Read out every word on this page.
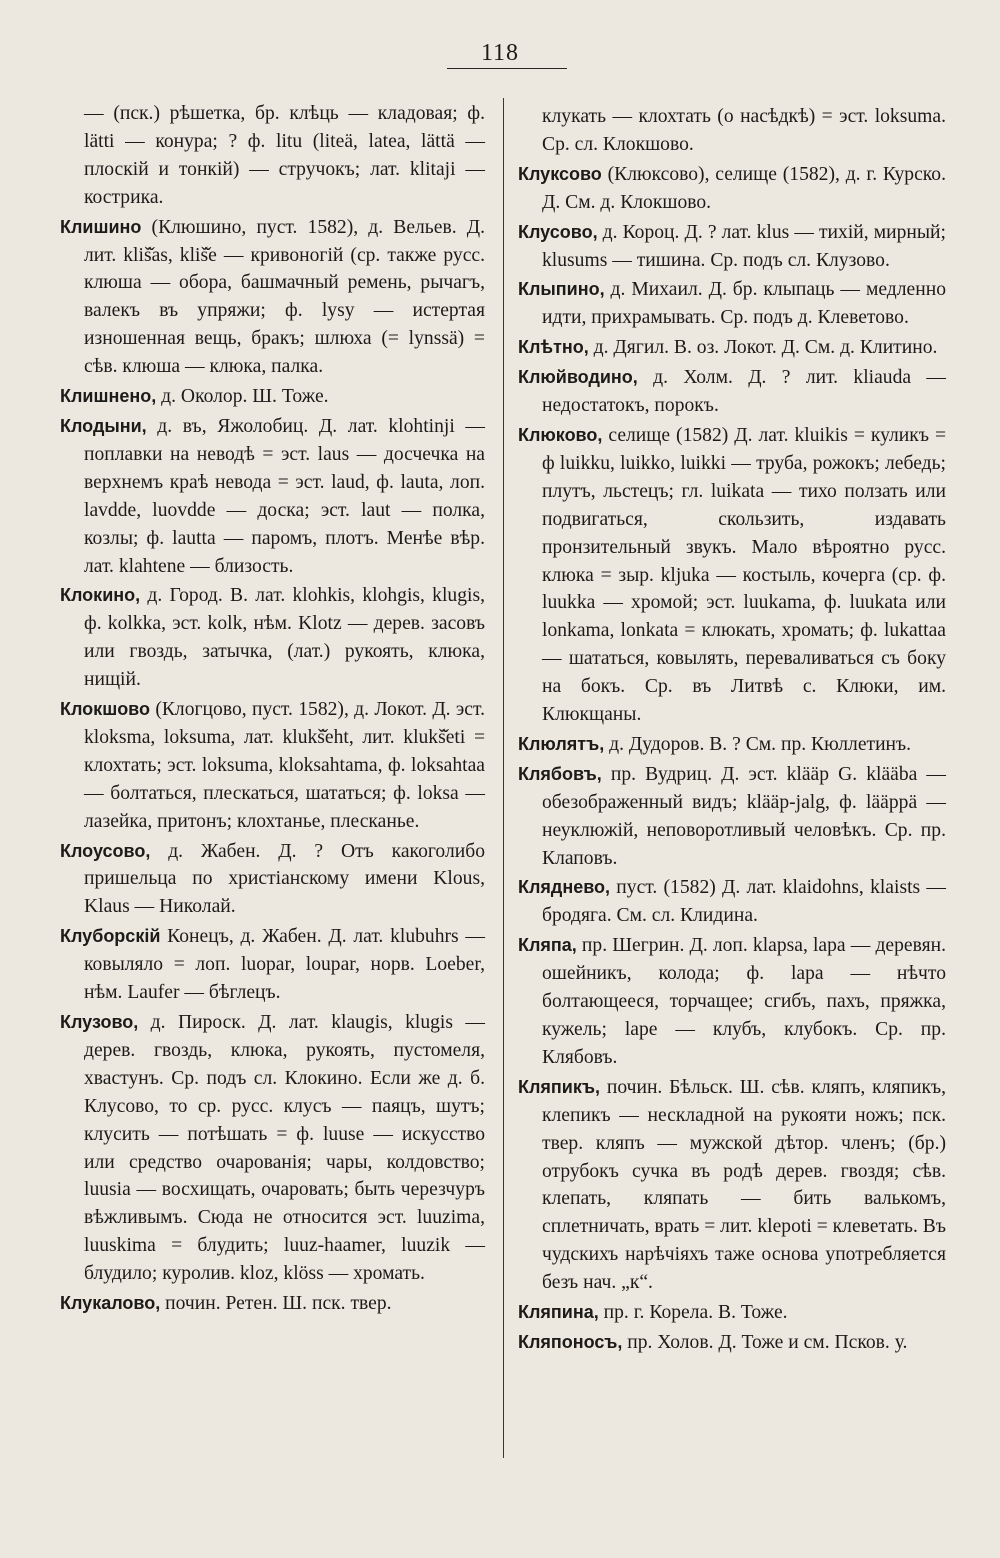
118

— (пск.) рѣшетка, бр. клѣць — кладовая; ф. lätti — конура; ? ф. litu (liteä, latea, lättä — плоскій и тонкій) — стручокъ; лат. klitaji — кострика.

Клишино (Клюшино, пуст. 1582), д. Вельев. Д. лит. kliš̌as, kliš̌e — кривоногій (ср. также русс. клюша — обора, башмачный ремень, рычагъ, валекъ въ упряжи; ф. lysy — истертая изношенная вещь, бракъ; шлюха (= lynssä) = сѣв. клюша — клюка, палка.

Клишнено, д. Околор. Ш. Тоже.

Клодыни, д. въ, Яжолобиц. Д. лат. klohtinji — поплавки на неводѣ = эст. laus — досчечка на верхнемъ краѣ невода = эст. laud, ф. lauta, лоп. lavdde, luovdde — доска; эст. laut — полка, козлы; ф. lautta — паромъ, плотъ. Менѣе вѣр. лат. klahtene — близость.

Клокино, д. Город. В. лат. klohkis, klohgis, klugis, ф. kolkka, эст. kolk, нѣм. Klotz — дерев. засовъ или гвоздь, затычка, (лат.) рукоять, клюка, нищій.

Клокшово (Клогцово, пуст. 1582), д. Локот. Д. эст. kloksma, loksuma, лат. klukš̌eht, лит. klukš̌eti = клохтать; эст. loksuma, kloksahtama, ф. loksahtaa — болтаться, плескаться, шататься; ф. loksa — лазейка, притонъ; клохтанье, плесканье.

Клоусово, д. Жабен. Д. ? Отъ какоголибо пришельца по христіанскому имени Klous, Klaus — Николай.

Клуборскій Конецъ, д. Жабен. Д. лат. klubuhrs — ковыляло = лоп. luopar, loupar, норв. Loeber, нѣм. Laufer — бѣглецъ.

Клузово, д. Пироск. Д. лат. klaugis, klugis — дерев. гвоздь, клюка, рукоять, пустомеля, хвастунъ. Ср. подъ сл. Клокино. Если же д. б. Клусово, то ср. русс. клусъ — паяцъ, шутъ; клусить — потѣшать = ф. luuse — искусство или средство очарованія; чары, колдовство; luusia — восхищать, очаровать; быть черезчуръ вѣжливымъ. Сюда не относится эст. luuzima, luuskima = блудить; luuz-haamer, luuzik — блудило; куролив. kloz, klöss — хромать.

Клукалово, почин. Ретен. Ш. пск. твер.

клукать — клохтать (о насѣдкѣ) = эст. loksuma. Ср. сл. Клокшово.

Клуксово (Клюксово), селище (1582), д. г. Курско. Д. См. д. Клокшово.

Клусово, д. Короц. Д. ? лат. klus — тихій, мирный; klusums — тишина. Ср. подъ сл. Клузово.

Клыпино, д. Михаил. Д. бр. клыпаць — медленно идти, прихрамывать. Ср. подъ д. Клеветово.

Клѣтно, д. Дягил. В. оз. Локот. Д. См. д. Клитино.

Клюйводино, д. Холм. Д. ? лит. kliauda — недостатокъ, порокъ.

Клюково, селище (1582) Д. лат. kluikis = куликъ = ф luikku, luikko, luikki — труба, рожокъ; лебедь; плутъ, льстецъ; гл. luikata — тихо ползать или подвигаться, скользить, издавать пронзительный звукъ. Мало вѣроятно русс. клюка = зыр. kljuka — костыль, кочерга (ср. ф. luukka — хромой; эст. luukama, ф. luukata или lonkama, lonkata = клюкать, хромать; ф. lukattaa — шататься, ковылять, переваливаться съ боку на бокъ. Ср. въ Литвѣ с. Клюки, им. Клюкщаны.

Клюлятъ, д. Дудоров. В. ? См. пр. Кюллетинъ.

Клябовъ, пр. Вудриц. Д. эст. klääp G. klääba — обезображенный видъ; klääp-jalg, ф. lääppä — неуклюжій, неповоротливый человѣкъ. Ср. пр. Клаповъ.

Кляднево, пуст. (1582) Д. лат. klaidohns, klaists — бродяга. См. сл. Клидина.

Кляпа, пр. Шегрин. Д. лоп. klapsa, lapa — деревян. ошейникъ, колода; ф. lapa — нѣчто болтающееся, торчащее; сгибъ, пахъ, пряжка, кужель; lape — клубъ, клубокъ. Ср. пр. Клябовъ.

Кляпикъ, почин. Бѣльск. Ш. сѣв. кляпъ, кляпикъ, клепикъ — нескладной на рукояти ножъ; пск. твер. кляпъ — мужской дѣтор. членъ; (бр.) отрубокъ сучка въ родѣ дерев. гвоздя; сѣв. клепать, кляпать — бить валькомъ, сплетничать, врать = лит. klepoti = клеветать. Въ чудскихъ нарѣчіяхъ таже основа употребляется безъ нач. „к“.

Кляпина, пр. г. Корела. В. Тоже.

Кляпоносъ, пр. Холов. Д. Тоже и см. Псков. у.
